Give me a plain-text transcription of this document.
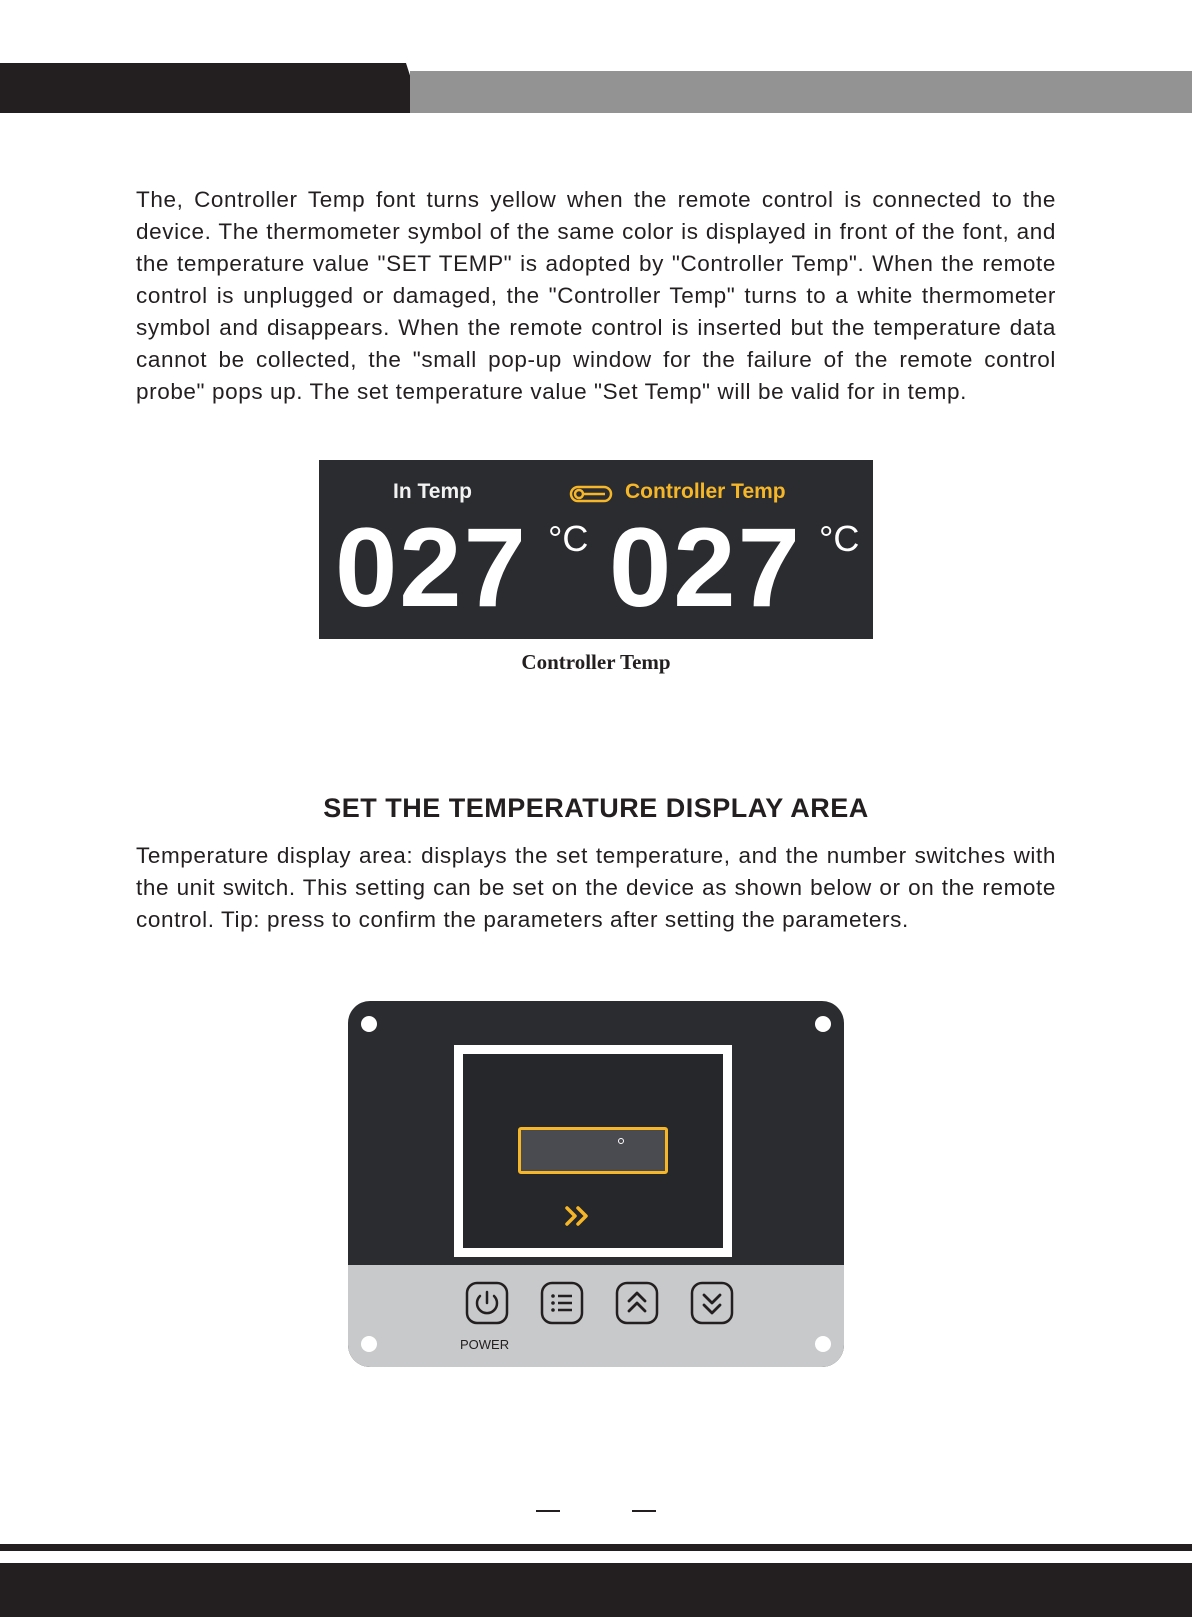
The, Controller Temp font turns yellow when the remote control is connected to the device. The thermometer symbol of the same color is displayed in front of the font, and the temperature value "SET TEMP" is adopted by "Controller Temp". When the remote control is unplugged or damaged, the "Controller Temp" turns to a white thermometer symbol and disappears. When the remote control is inserted but the temperature data cannot be collected, the "small pop-up window for the failure of the remote control probe" pops up. The set temperature value "Set Temp" will be valid for in temp.

In Temp	Controller Temp
027 °C 027 °C
Controller Temp
SET THE TEMPERATURE DISPLAY AREA

Temperature display area: displays the set temperature, and the number switches with the unit switch. This setting can be set on the device as shown below or on the remote control. Tip: press to confirm the parameters after setting the parameters.

POWER
